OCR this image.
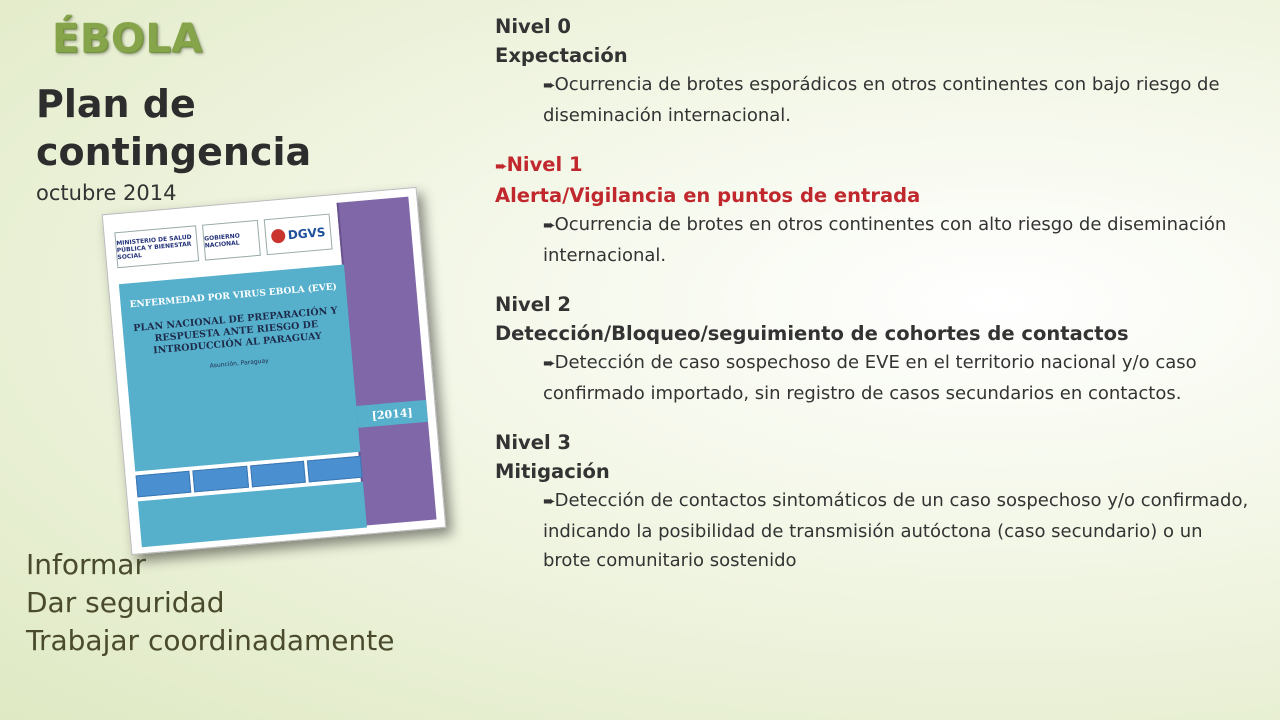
ÉBOLA
Plan de contingencia
octubre 2014
MINISTERIO DE SALUD PÚBLICA Y BIENESTAR SOCIAL
GOBIERNO NACIONAL
DGVS
ENFERMEDAD POR VIRUS EBOLA (EVE)
PLAN NACIONAL DE PREPARACIÓN Y RESPUESTA ANTE RIESGO DE INTRODUCCIÓN AL PARAGUAY
Asunción, Paraguay
[2014]
Informar
Dar seguridad
Trabajar coordinadamente
Nivel 0
Expectación
➨Ocurrencia de brotes esporádicos en otros continentes con bajo riesgo de diseminación internacional.
➨Nivel 1
Alerta/Vigilancia en puntos de entrada
➨Ocurrencia de brotes en otros continentes con alto riesgo de diseminación internacional.
Nivel 2
Detección/Bloqueo/seguimiento de cohortes de contactos
➨Detección de caso sospechoso de EVE en el territorio nacional y/o caso confirmado importado, sin registro de casos secundarios en contactos.
Nivel 3
Mitigación
➨Detección de contactos sintomáticos de un caso sospechoso y/o confirmado, indicando la posibilidad de transmisión autóctona (caso secundario) o un brote comunitario sostenido
